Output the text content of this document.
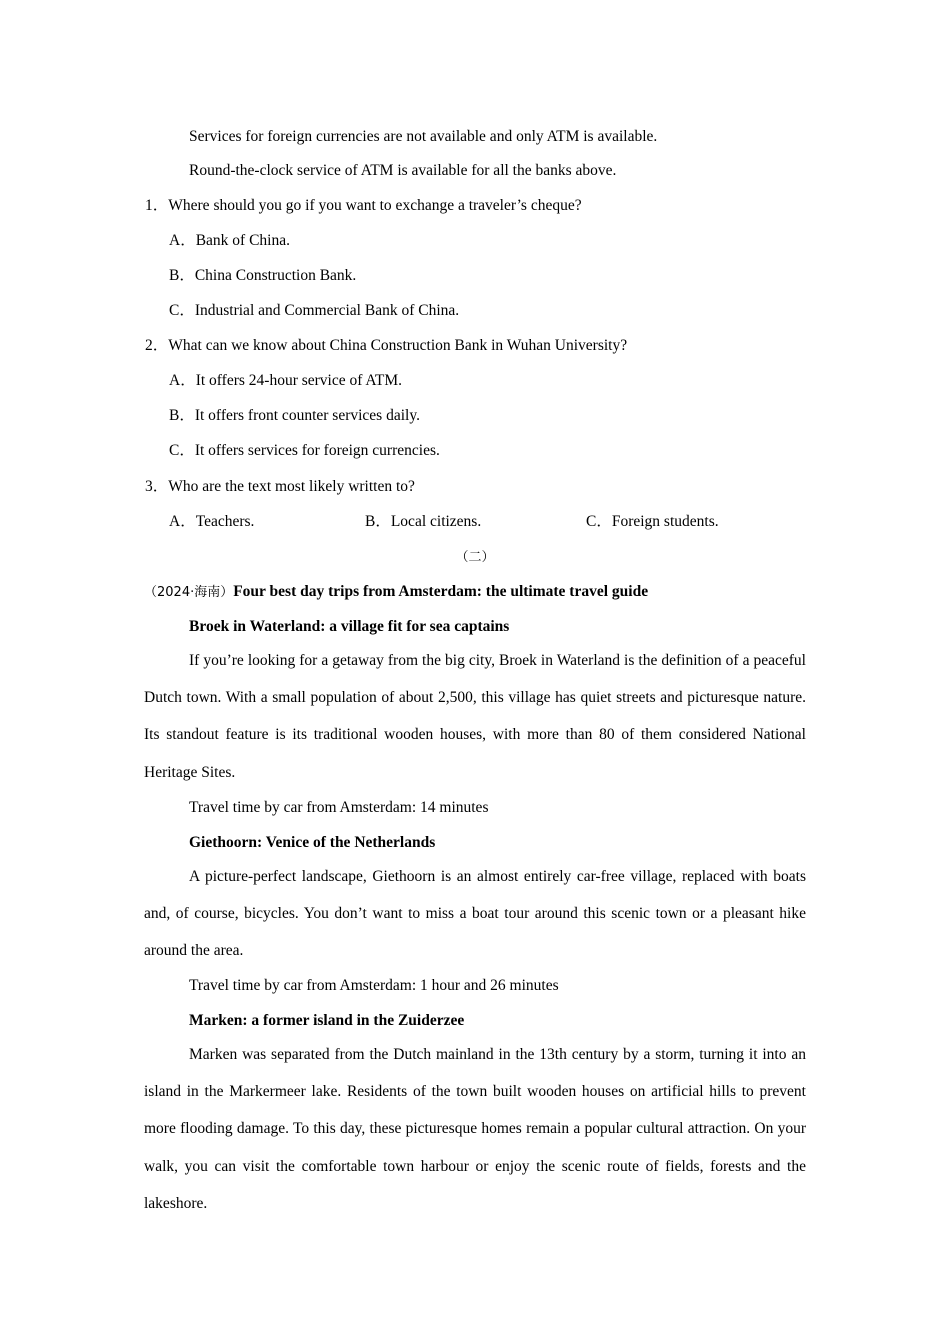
Services for foreign currencies are not available and only ATM is available.
Round-the-clock service of ATM is available for all the banks above.
1．Where should you go if you want to exchange a traveler’s cheque?
A．Bank of China.
B．China Construction Bank.
C．Industrial and Commercial Bank of China.
2．What can we know about China Construction Bank in Wuhan University?
A．It offers 24-hour service of ATM.
B．It offers front counter services daily.
C．It offers services for foreign currencies.
3．Who are the text most likely written to?
A．Teachers.	B．Local citizens.	C．Foreign students.
（二）
（2024·海南）Four best day trips from Amsterdam: the ultimate travel guide
Broek in Waterland: a village fit for sea captains

If you’re looking for a getaway from the big city, Broek in Waterland is the definition of a peaceful Dutch town. With a small population of about 2,500, this village has quiet streets and picturesque nature. Its standout feature is its traditional wooden houses, with more than 80 of them considered National Heritage Sites.

Travel time by car from Amsterdam: 14 minutes
Giethoorn: Venice of the Netherlands

A picture-perfect landscape, Giethoorn is an almost entirely car-free village, replaced with boats and, of course, bicycles. You don’t want to miss a boat tour around this scenic town or a pleasant hike around the area.

Travel time by car from Amsterdam: 1 hour and 26 minutes
Marken: a former island in the Zuiderzee

Marken was separated from the Dutch mainland in the 13th century by a storm, turning it into an island in the Markermeer lake. Residents of the town built wooden houses on artificial hills to prevent more flooding damage. To this day, these picturesque homes remain a popular cultural attraction. On your walk, you can visit the comfortable town harbour or enjoy the scenic route of fields, forests and the lakeshore.
